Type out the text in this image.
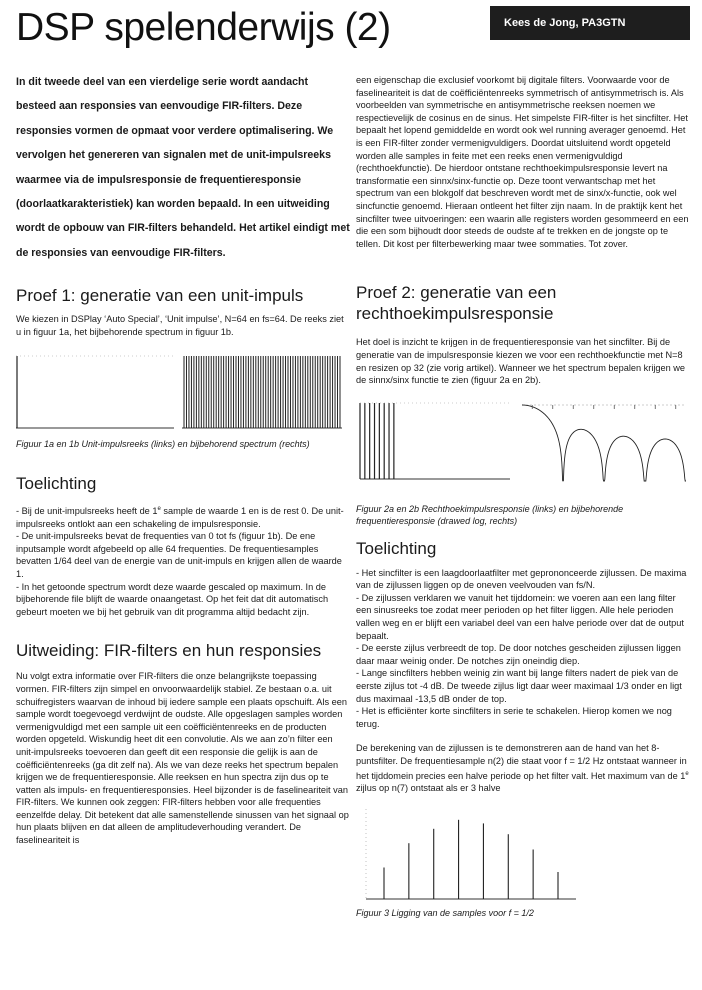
DSP spelenderwijs (2)	Kees de Jong, PA3GTN

In dit tweede deel van een vierdelige serie wordt aandacht besteed aan responsies van eenvoudige FIR-filters. Deze responsies vormen de opmaat voor verdere optimalisering. We vervolgen het genereren van signalen met de unit-impulsreeks waarmee via de impulsresponsie de frequentieresponsie (doorlaatkarakteristiek) kan worden bepaald. In een uitweiding wordt de opbouw van FIR-filters behandeld. Het artikel eindigt met de responsies van eenvoudige FIR-filters.

Proef 1: generatie van een unit-impuls

We kiezen in DSPlay ‘Auto Special’, ‘Unit impulse’, N=64 en fs=64. De reeks ziet u in figuur 1a, het bijbehorende spectrum in figuur 1b.

Figuur 1a en 1b Unit-impulsreeks (links) en bijbehorend spectrum (rechts)

Toelichting

- Bij de unit-impulsreeks heeft de 1e sample de waarde 1 en is de rest 0. De unit-impulsreeks ontlokt aan een schakeling de impulsresponsie.

- De unit-impulsreeks bevat de frequenties van 0 tot fs (figuur 1b). De ene inputsample wordt afgebeeld op alle 64 frequenties. De frequentiesamples bevatten 1/64 deel van de energie van de unit-impuls en krijgen allen de waarde 1.

- In het getoonde spectrum wordt deze waarde gescaled op maximum. In de bijbehorende file blijft de waarde onaangetast. Op het feit dat dit automatisch gebeurt moeten we bij het gebruik van dit programma altijd bedacht zijn.

Uitweiding: FIR-filters en hun responsies

Nu volgt extra informatie over FIR-filters die onze belangrijkste toepassing vormen. FIR-filters zijn simpel en onvoorwaardelijk stabiel. Ze bestaan o.a. uit schuifregisters waarvan de inhoud bij iedere sample een plaats opschuift. Als een sample wordt toegevoegd verdwijnt de oudste. Alle opgeslagen samples worden vermenigvuldigd met een sample uit een coëfficiëntenreeks en de producten worden opgeteld. Wiskundig heet dit een convolutie. Als we aan zo’n filter een unit-impulsreeks toevoeren dan geeft dit een responsie die gelijk is aan de coëfficiëntenreeks (ga dit zelf na). Als we van deze reeks het spectrum bepalen krijgen we de frequentieresponsie. Alle reeksen en hun spectra zijn dus op te vatten als impuls- en frequentieresponsies. Heel bijzonder is de faselineariteit van FIR-filters. We kunnen ook zeggen: FIR-filters hebben voor alle frequenties eenzelfde delay. Dit betekent dat alle samenstellende sinussen van het signaal op hun plaats blijven en dat alleen de amplitudeverhouding verandert. De faselineariteit is

een eigenschap die exclusief voorkomt bij digitale filters. Voorwaarde voor de faselineariteit is dat de coëfficiëntenreeks symmetrisch of antisymmetrisch is. Als voorbeelden van symmetrische en antisymmetrische reeksen noemen we respectievelijk de cosinus en de sinus. Het simpelste FIR-filter is het sincfilter. Het bepaalt het lopend gemiddelde en wordt ook wel running averager genoemd. Het is een FIR-filter zonder vermenigvuldigers. Doordat uitsluitend wordt opgeteld worden alle samples in feite met een reeks enen vermenigvuldigd (rechthoekfunctie). De hierdoor ontstane rechthoekimpulsresponsie levert na transformatie een sinnx/sinx-functie op. Deze toont verwantschap met het spectrum van een blokgolf dat beschreven wordt met de sinx/x-functie, ook wel sincfunctie genoemd. Hieraan ontleent het filter zijn naam. In de praktijk kent het sincfilter twee uitvoeringen: een waarin alle registers worden gesommeerd en een die een som bijhoudt door steeds de oudste af te trekken en de jongste op te tellen. Dit kost per filterbewerking maar twee sommaties. Tot zover.

Proef 2: generatie van een rechthoekimpulsresponsie

Het doel is inzicht te krijgen in de frequentieresponsie van het sincfilter. Bij de generatie van de impulsresponsie kiezen we voor een rechthoekfunctie met N=8 en resizen op 32 (zie vorig artikel). Wanneer we het spectrum bepalen krijgen we de sinnx/sinx functie te zien (figuur 2a en 2b).

Figuur 2a en 2b Rechthoekimpulsresponsie (links) en bijbehorende frequentieresponsie (drawed log, rechts)

Toelichting

- Het sincfilter is een laagdoorlaatfilter met geprononceerde zijlussen. De maxima van de zijlussen liggen op de oneven veelvouden van fs/N.

- De zijlussen verklaren we vanuit het tijddomein: we voeren aan een lang filter een sinusreeks toe zodat meer perioden op het filter liggen. Alle hele perioden vallen weg en er blijft een variabel deel van een halve periode over dat de output bepaalt.

- De eerste zijlus verbreedt de top. De door notches gescheiden zijlussen liggen daar maar weinig onder. De notches zijn oneindig diep.

- Lange sincfilters hebben weinig zin want bij lange filters nadert de piek van de eerste zijlus tot -4 dB. De tweede zijlus ligt daar weer maximaal 1/3 onder en ligt dus maximaal -13,5 dB onder de top.

- Het is efficiënter korte sincfilters in serie te schakelen. Hierop komen we nog terug.

De berekening van de zijlussen is te demonstreren aan de hand van het 8-puntsfilter. De frequentiesample n(2) die staat voor f = 1/2 Hz ontstaat wanneer in het tijddomein precies een halve periode op het filter valt. Het maximum van de 1e zijlus op n(7) ontstaat als er 3 halve

Figuur 3 Ligging van de samples voor f = 1/2
